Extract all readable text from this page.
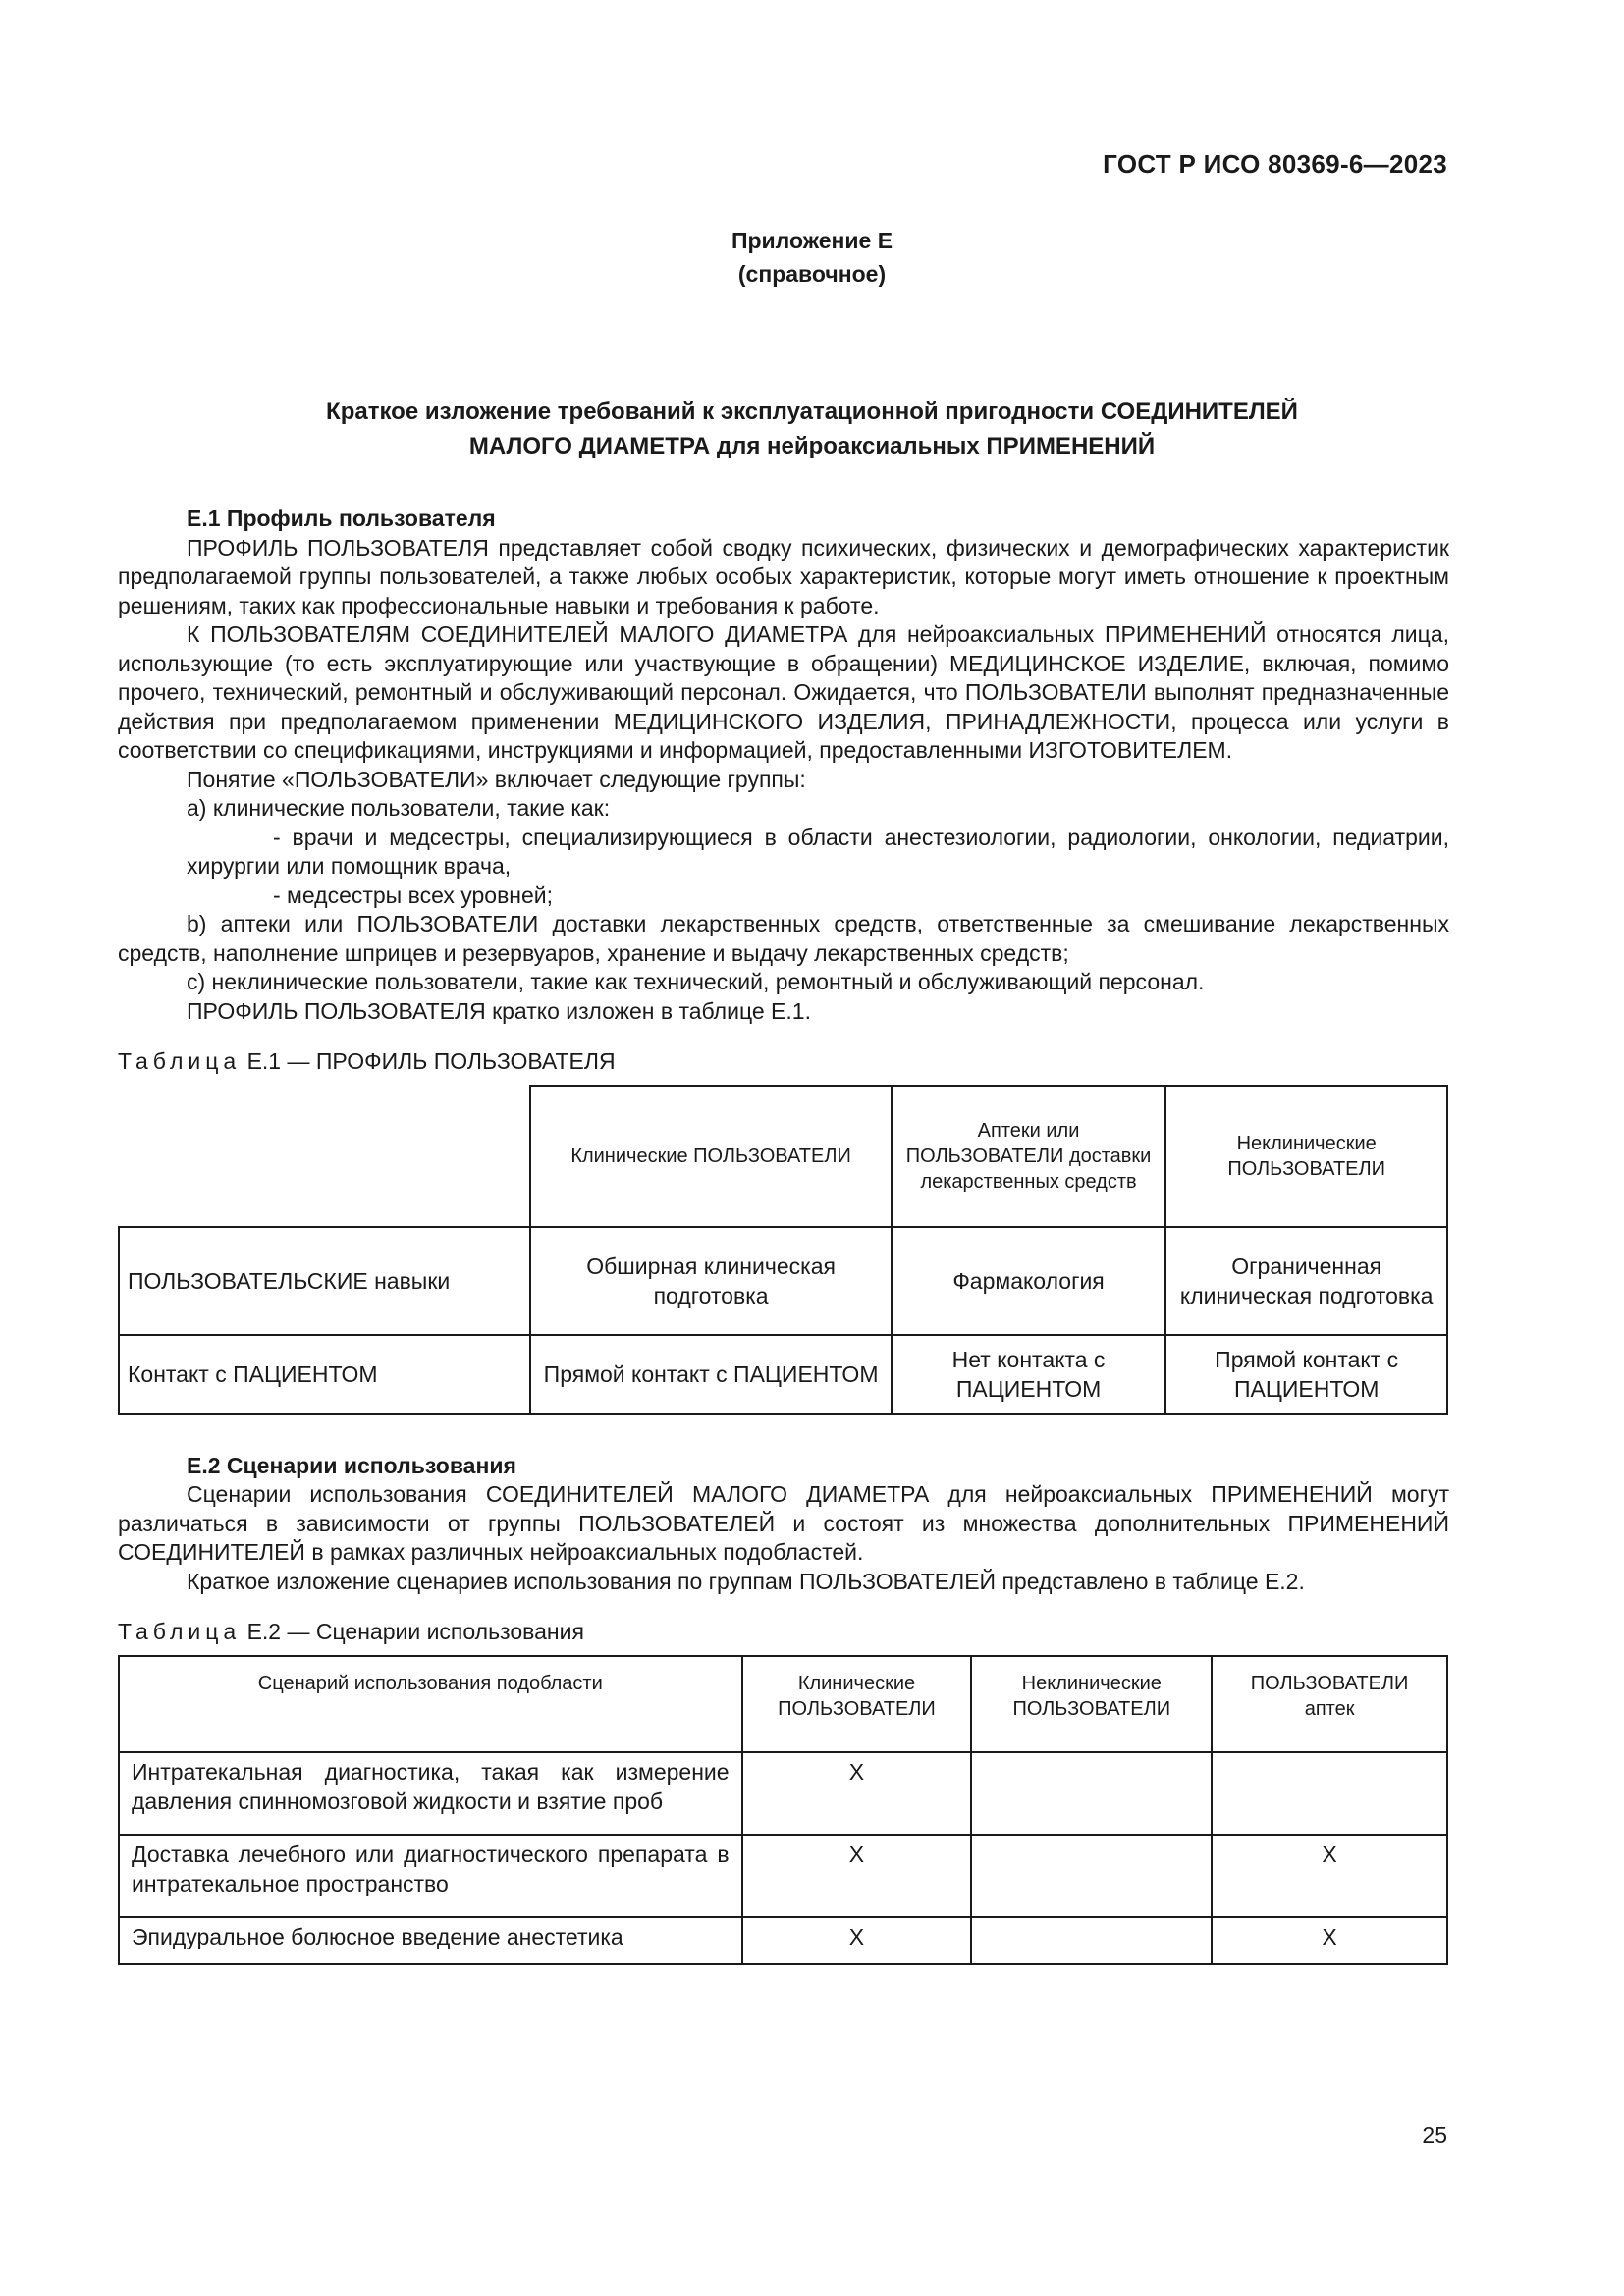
ГОСТ Р ИСО 80369-6—2023
Приложение E
(справочное)
Краткое изложение требований к эксплуатационной пригодности СОЕДИНИТЕЛЕЙ
МАЛОГО ДИАМЕТРА для нейроаксиальных ПРИМЕНЕНИЙ

E.1 Профиль пользователя

ПРОФИЛЬ ПОЛЬЗОВАТЕЛЯ представляет собой сводку психических, физических и демографических характеристик предполагаемой группы пользователей, а также любых особых характеристик, которые могут иметь отношение к проектным решениям, таких как профессиональные навыки и требования к работе.

К ПОЛЬЗОВАТЕЛЯМ СОЕДИНИТЕЛЕЙ МАЛОГО ДИАМЕТРА для нейроаксиальных ПРИМЕНЕНИЙ относятся лица, использующие (то есть эксплуатирующие или участвующие в обращении) МЕДИЦИНСКОЕ ИЗДЕЛИЕ, включая, помимо прочего, технический, ремонтный и обслуживающий персонал. Ожидается, что ПОЛЬЗОВАТЕЛИ выполнят предназначенные действия при предполагаемом применении МЕДИЦИНСКОГО ИЗДЕЛИЯ, ПРИНАДЛЕЖНОСТИ, процесса или услуги в соответствии со спецификациями, инструкциями и информацией, предоставленными ИЗГОТОВИТЕЛЕМ.

Понятие «ПОЛЬЗОВАТЕЛИ» включает следующие группы:

a) клинические пользователи, такие как:

- врачи и медсестры, специализирующиеся в области анестезиологии, радиологии, онкологии, педиатрии, хирургии или помощник врача,

- медсестры всех уровней;

b) аптеки или ПОЛЬЗОВАТЕЛИ доставки лекарственных средств, ответственные за смешивание лекарственных средств, наполнение шприцев и резервуаров, хранение и выдачу лекарственных средств;

c) неклинические пользователи, такие как технический, ремонтный и обслуживающий персонал.

ПРОФИЛЬ ПОЛЬЗОВАТЕЛЯ кратко изложен в таблице E.1.

Таблица E.1 — ПРОФИЛЬ ПОЛЬЗОВАТЕЛЯ
	Клинические ПОЛЬЗОВАТЕЛИ	Аптеки или ПОЛЬЗОВАТЕЛИ доставки лекарственных средств	Неклинические ПОЛЬЗОВАТЕЛИ
ПОЛЬЗОВАТЕЛЬСКИЕ навыки	Обширная клиническая подготовка	Фармакология	Ограниченная клиническая подготовка
Контакт с ПАЦИЕНТОМ	Прямой контакт с ПАЦИЕНТОМ	Нет контакта с ПАЦИЕНТОМ	Прямой контакт с ПАЦИЕНТОМ

E.2 Сценарии использования

Сценарии использования СОЕДИНИТЕЛЕЙ МАЛОГО ДИАМЕТРА для нейроаксиальных ПРИМЕНЕНИЙ могут различаться в зависимости от группы ПОЛЬЗОВАТЕЛЕЙ и состоят из множества дополнительных ПРИМЕНЕНИЙ СОЕДИНИТЕЛЕЙ в рамках различных нейроаксиальных подобластей.

Краткое изложение сценариев использования по группам ПОЛЬЗОВАТЕЛЕЙ представлено в таблице E.2.

Таблица E.2 — Сценарии использования
Сценарий использования подобласти	Клинические ПОЛЬЗОВАТЕЛИ	Неклинические ПОЛЬЗОВАТЕЛИ	ПОЛЬЗОВАТЕЛИ аптек
Интратекальная диагностика, такая как измерение давления спинномозговой жидкости и взятие проб	X		
Доставка лечебного или диагностического препарата в интратекальное пространство	X		X
Эпидуральное болюсное введение анестетика	X		X
25
